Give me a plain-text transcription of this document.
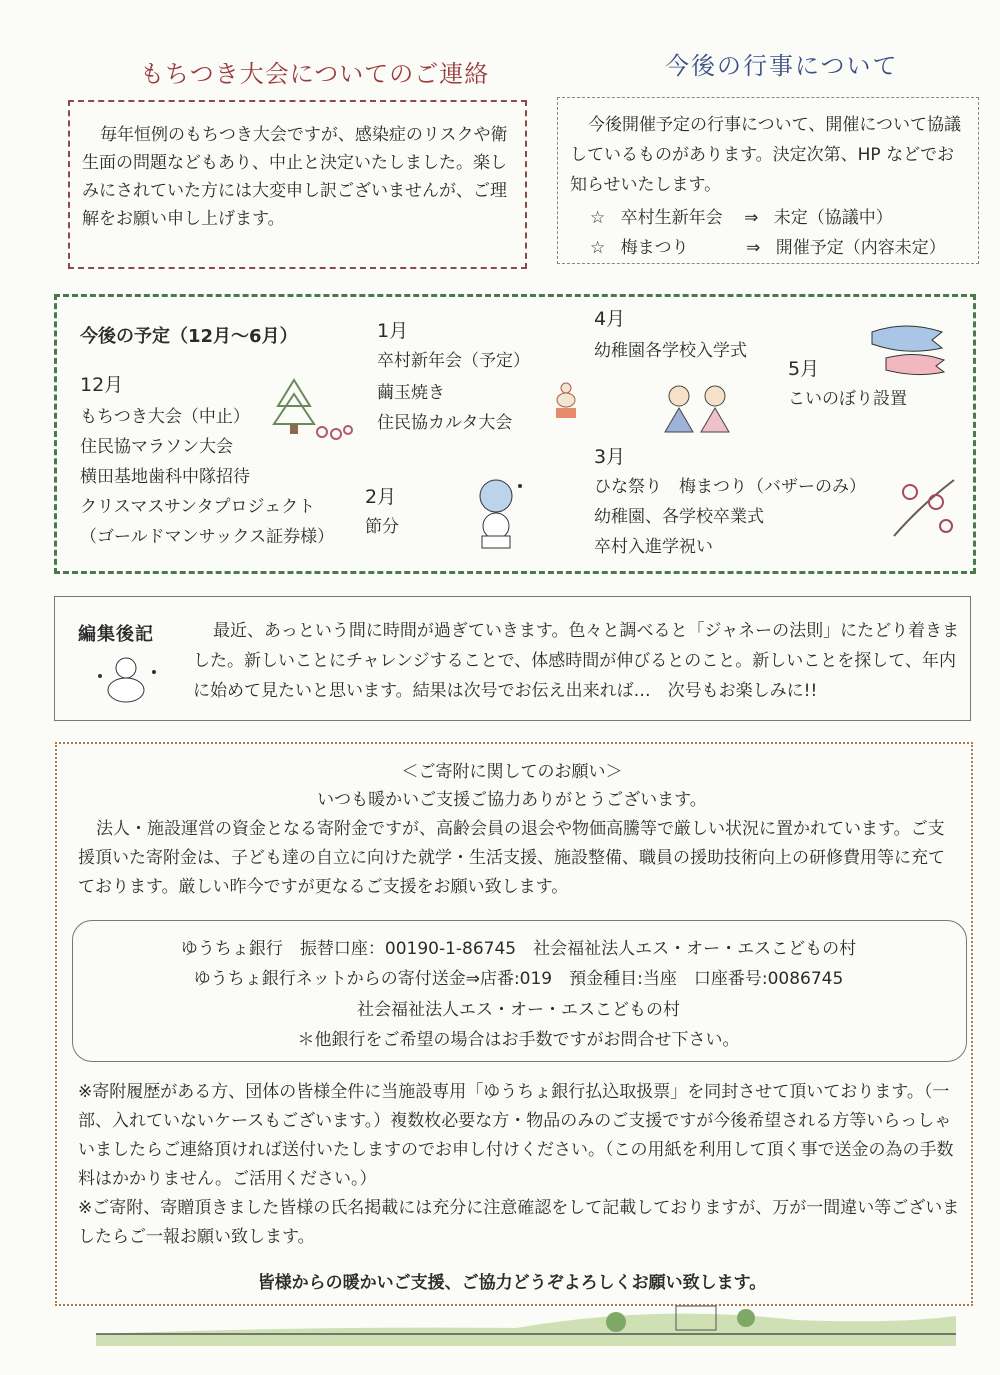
もちつき大会についてのご連絡
毎年恒例のもちつき大会ですが、感染症のリスクや衛生面の問題などもあり、中止と決定いたしました。楽しみにされていた方には大変申し訳ございませんが、ご理解をお願い申し上げます。
今後の行事について
今後開催予定の行事について、開催について協議しているものがあります。決定次第、HP などでお知らせいたします。
☆ 卒村生新年会 ⇒ 未定（協議中）
☆ 梅まつり	⇒ 開催予定（内容未定）
今後の予定（12月～6月）
12月
もちつき大会（中止）
住民協マラソン大会
横田基地歯科中隊招待
クリスマスサンタプロジェクト
（ゴールドマンサックス証券様）
1月
卒村新年会（予定）
繭玉焼き
住民協カルタ大会
2月
節分
4月
幼稚園各学校入学式
5月
こいのぼり設置
3月
ひな祭り　梅まつり（バザーのみ）
幼稚園、各学校卒業式
卒村入進学祝い
編集後記	最近、あっという間に時間が過ぎていきます。色々と調べると「ジャネーの法則」にたどり着きました。新しいことにチャレンジすることで、体感時間が伸びるとのこと。新しいことを探して、年内に始めて見たいと思います。結果は次号でお伝え出来れば…　次号もお楽しみに!!
＜ご寄附に関してのお願い＞
いつも暖かいご支援ご協力ありがとうございます。
法人・施設運営の資金となる寄附金ですが、高齢会員の退会や物価高騰等で厳しい状況に置かれています。ご支援頂いた寄附金は、子ども達の自立に向けた就学・生活支援、施設整備、職員の援助技術向上の研修費用等に充てております。厳しい昨今ですが更なるご支援をお願い致します。
ゆうちょ銀行　振替口座：00190-1-86745　社会福祉法人エス・オー・エスこどもの村
ゆうちょ銀行ネットからの寄付送金⇒店番:019　預金種目:当座　口座番号:0086745
社会福祉法人エス・オー・エスこどもの村
＊他銀行をご希望の場合はお手数ですがお問合せ下さい。
※寄附履歴がある方、団体の皆様全件に当施設専用「ゆうちょ銀行払込取扱票」を同封させて頂いております。（一部、入れていないケースもございます。）複数枚必要な方・物品のみのご支援ですが今後希望される方等いらっしゃいましたらご連絡頂ければ送付いたしますのでお申し付けください。（この用紙を利用して頂く事で送金の為の手数料はかかりません。ご活用ください。）
※ご寄附、寄贈頂きました皆様の氏名掲載には充分に注意確認をして記載しておりますが、万が一間違い等ございましたらご一報お願い致します。
皆様からの暖かいご支援、ご協力どうぞよろしくお願い致します。
